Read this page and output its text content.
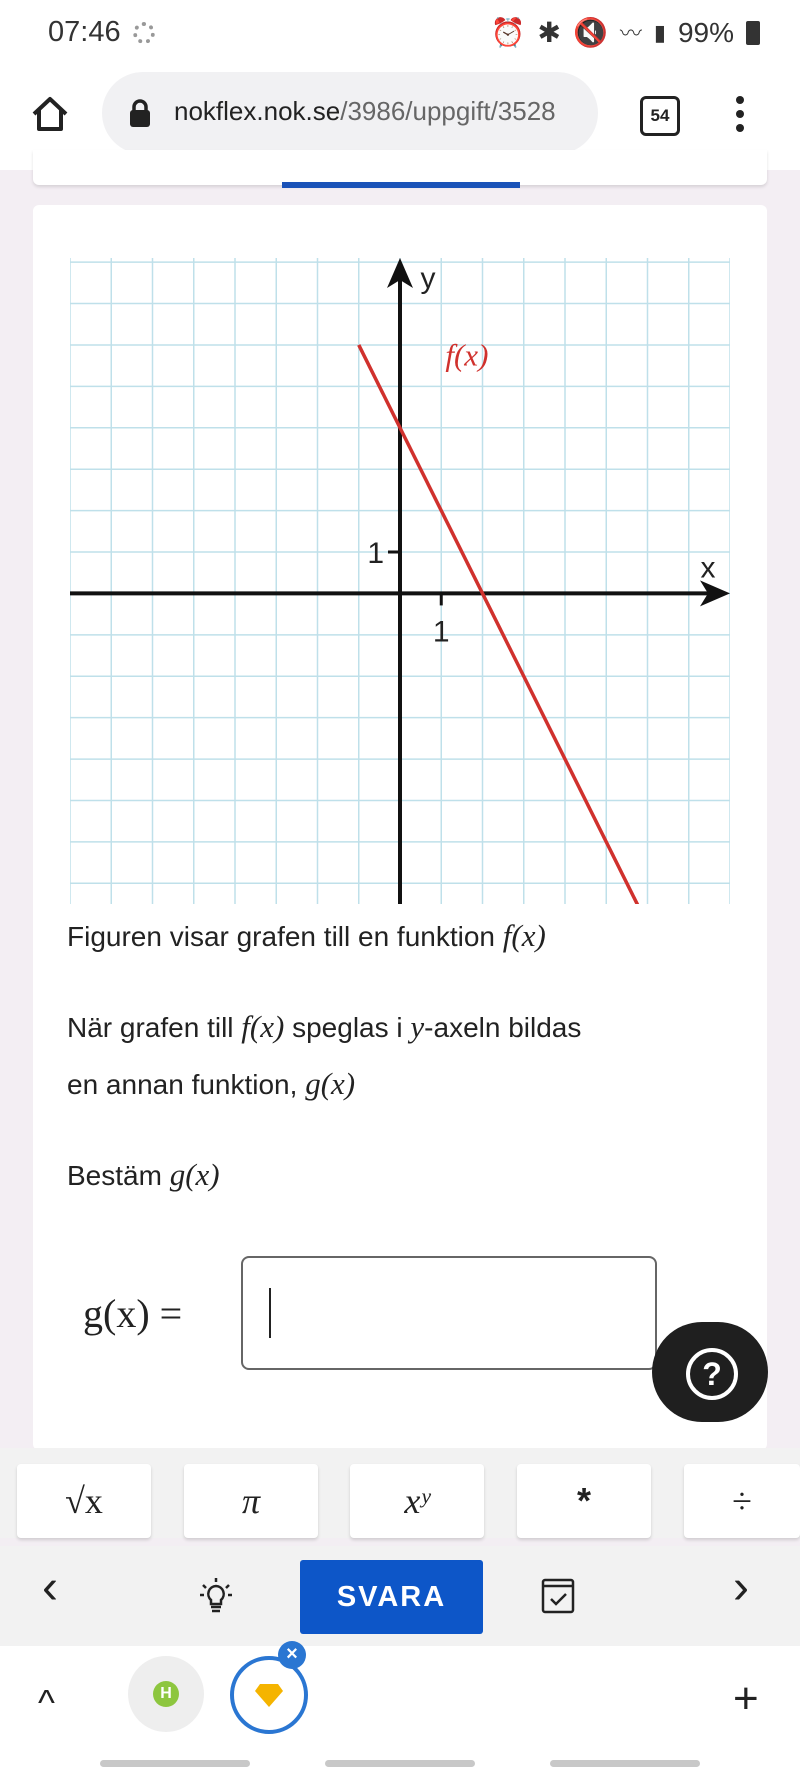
07:46	⏰ ✱ 🔇 〰 ▮ 99%
nokflex.nok.se/3986/uppgift/3528	54
1
1	x
y
f(x)
Figuren visar grafen till en funktion f(x)
När grafen till f(x) speglas i y-axeln bildas
en annan funktion, g(x)
Bestäm g(x)
g(x) =
?
√x	π	xʸ	*	÷
‹	SVARA	›
^	H
×
+
